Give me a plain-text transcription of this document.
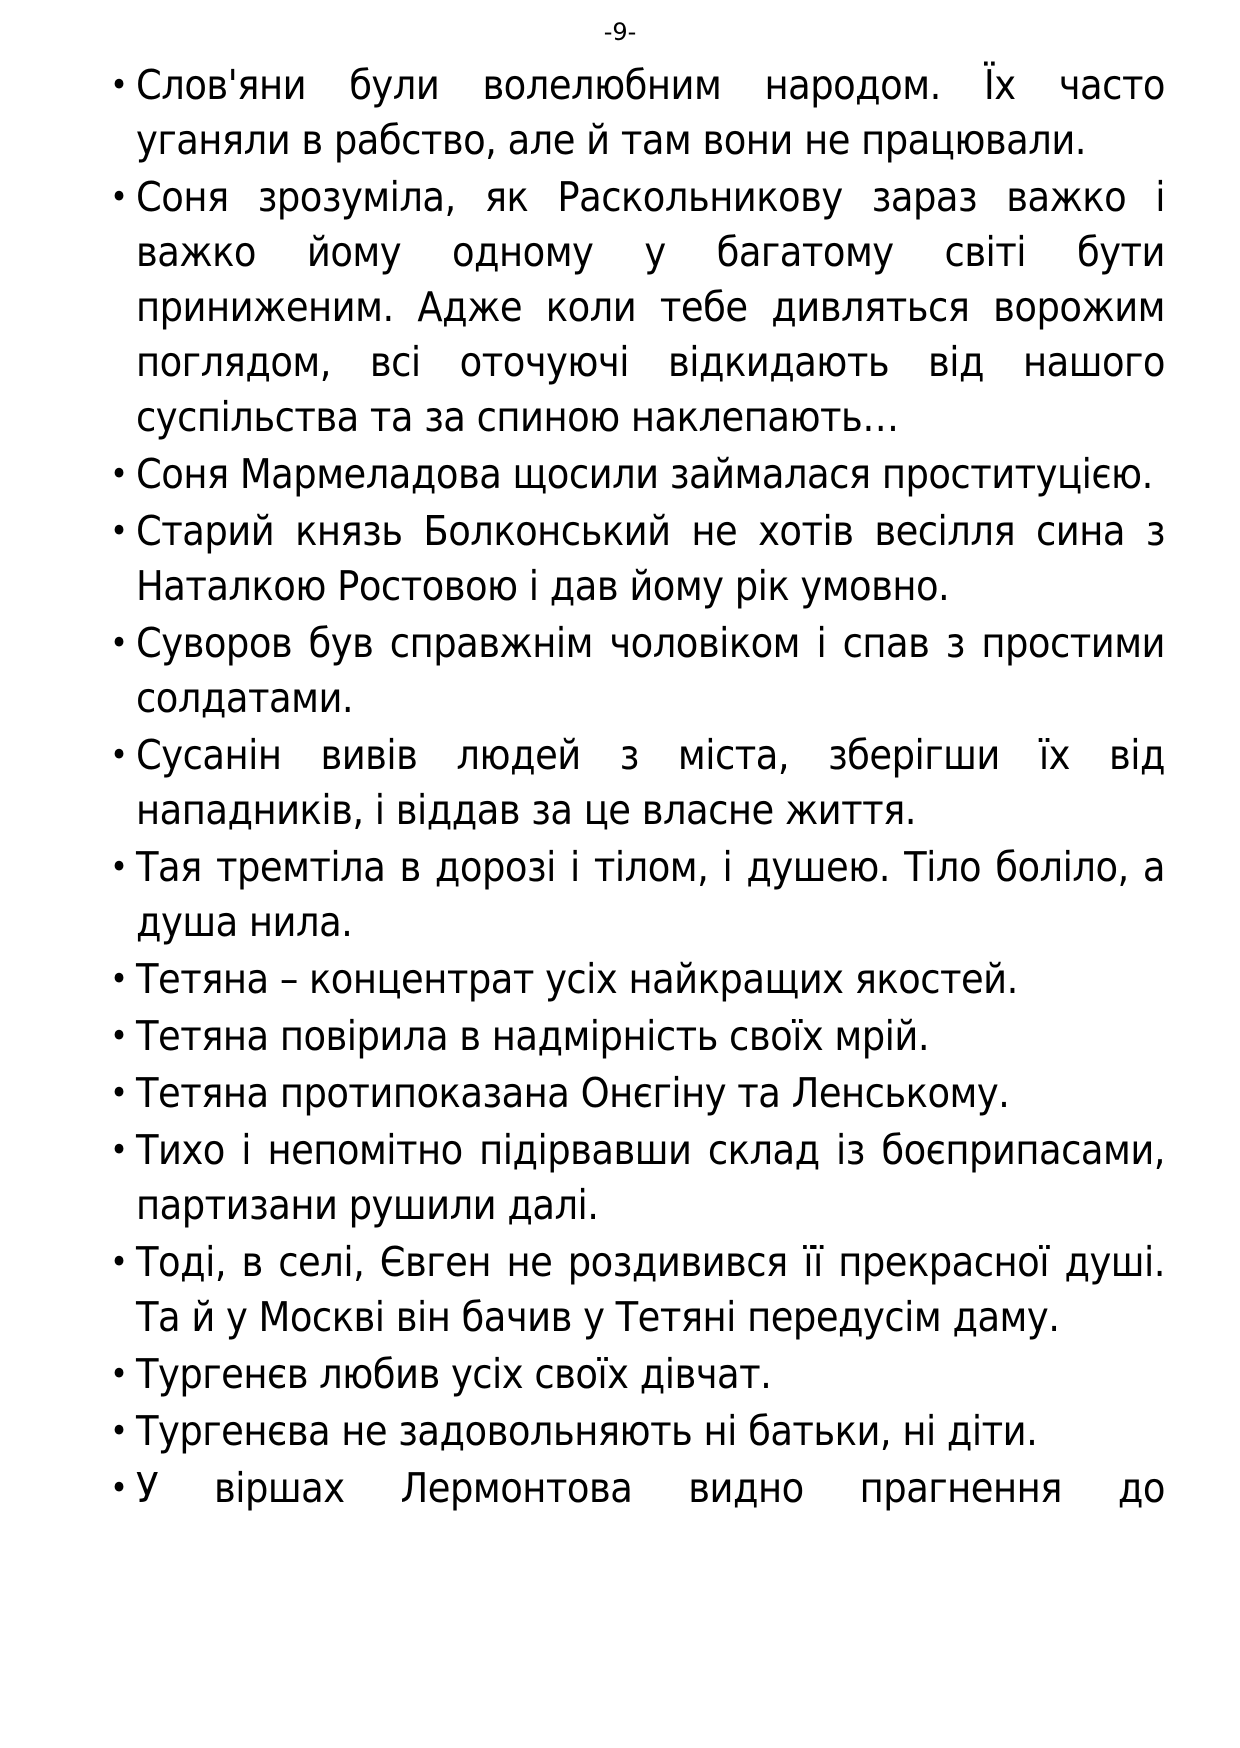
-9-
• Слов'яни були волелюбним народом. Їх часто уганяли в рабство, але й там вони не працювали.
• Соня зрозуміла, як Раскольникову зараз важко і важко йому одному у багатому світі бути принижeним. Адже коли тебе дивляться ворожим поглядом, всі оточуючі відкидають від нашого суспільства та за спиною наклепають…
• Соня Мармеладова щосили займалася проституцією.
• Старий князь Болконський не хотів весілля сина з Наталкою Ростовою і дав йому рік умовно.
• Суворов був справжнім чоловіком і спав з простими солдатами.
• Сусанін вивів людей з міста, зберігши їх від нападників, і віддав за це власне життя.
• Тая тремтіла в дорозі і тілом, і душею. Тіло боліло, а душа нила.
• Тетяна – концентрат усіх найкращих якостей.
• Тетяна повірила в надмірність своїх мрій.
• Тетяна протипоказана Онєгіну та Ленському.
• Тихо і непомітно підірвавши склад із боєприпасами, партизани рушили далі.
• Тоді, в селі, Євген не роздивився її прекрасної душі. Та й у Москві він бачив у Тетяні передусім даму.
• Тургенєв любив усіх своїх дівчат.
• Тургенєва не задовольняють ні батьки, ні діти.
• У віршах Лермонтова видно прагнення до
